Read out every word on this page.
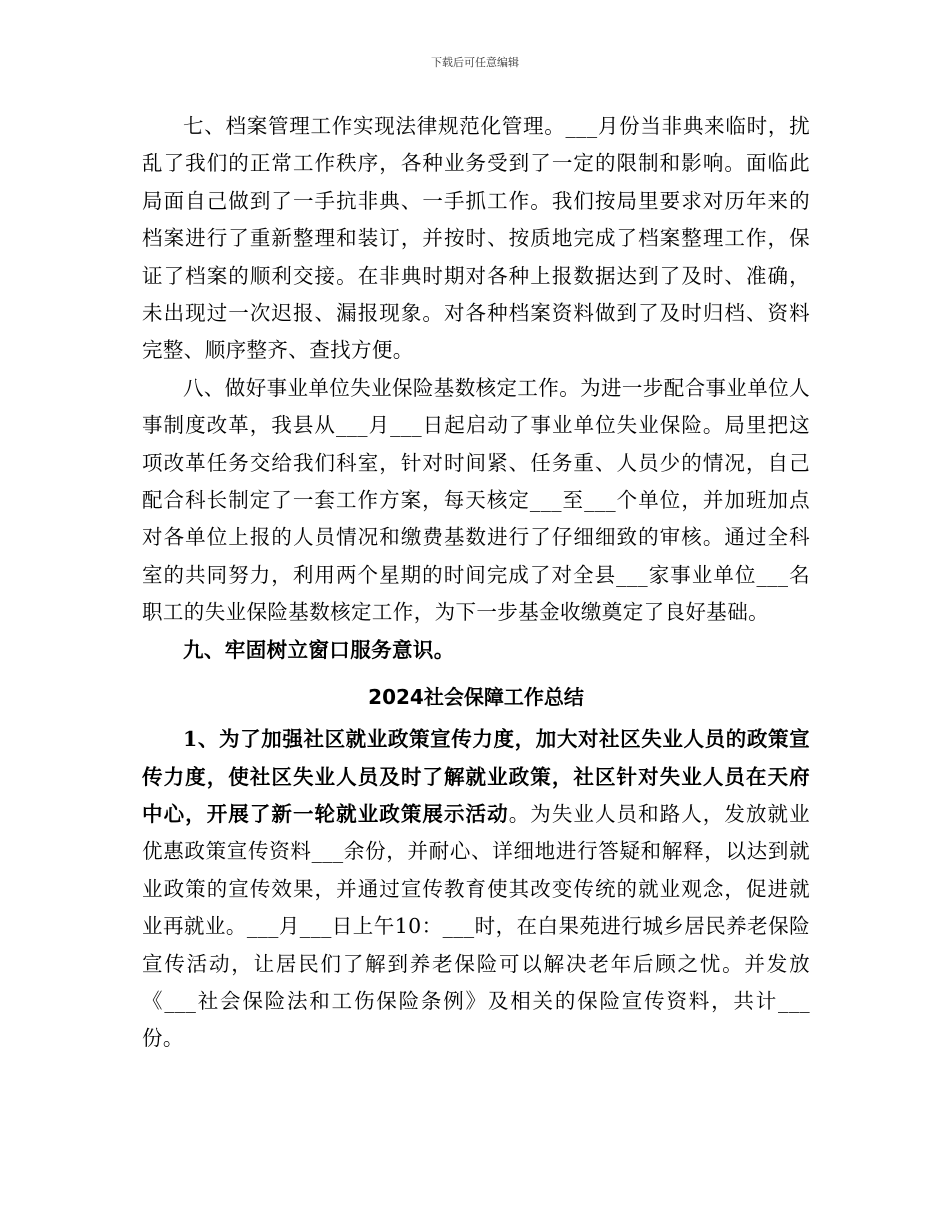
下载后可任意编辑

七、档案管理工作实现法律规范化管理。___月份当非典来临时，扰乱了我们的正常工作秩序，各种业务受到了一定的限制和影响。面临此局面自己做到了一手抗非典、一手抓工作。我们按局里要求对历年来的档案进行了重新整理和装订，并按时、按质地完成了档案整理工作，保证了档案的顺利交接。在非典时期对各种上报数据达到了及时、准确，未出现过一次迟报、漏报现象。对各种档案资料做到了及时归档、资料完整、顺序整齐、查找方便。

八、做好事业单位失业保险基数核定工作。为进一步配合事业单位人事制度改革，我县从___月___日起启动了事业单位失业保险。局里把这项改革任务交给我们科室，针对时间紧、任务重、人员少的情况，自己配合科长制定了一套工作方案，每天核定___至___个单位，并加班加点对各单位上报的人员情况和缴费基数进行了仔细细致的审核。通过全科室的共同努力，利用两个星期的时间完成了对全县___家事业单位___名职工的失业保险基数核定工作，为下一步基金收缴奠定了良好基础。

九、牢固树立窗口服务意识。

2024社会保障工作总结

1、为了加强社区就业政策宣传力度，加大对社区失业人员的政策宣传力度，使社区失业人员及时了解就业政策，社区针对失业人员在天府中心，开展了新一轮就业政策展示活动。为失业人员和路人，发放就业优惠政策宣传资料___余份，并耐心、详细地进行答疑和解释，以达到就业政策的宣传效果，并通过宣传教育使其改变传统的就业观念，促进就业再就业。___月___日上午10：___时，在白果苑进行城乡居民养老保险宣传活动，让居民们了解到养老保险可以解决老年后顾之忧。并发放《___社会保险法和工伤保险条例》及相关的保险宣传资料，共计___份。
